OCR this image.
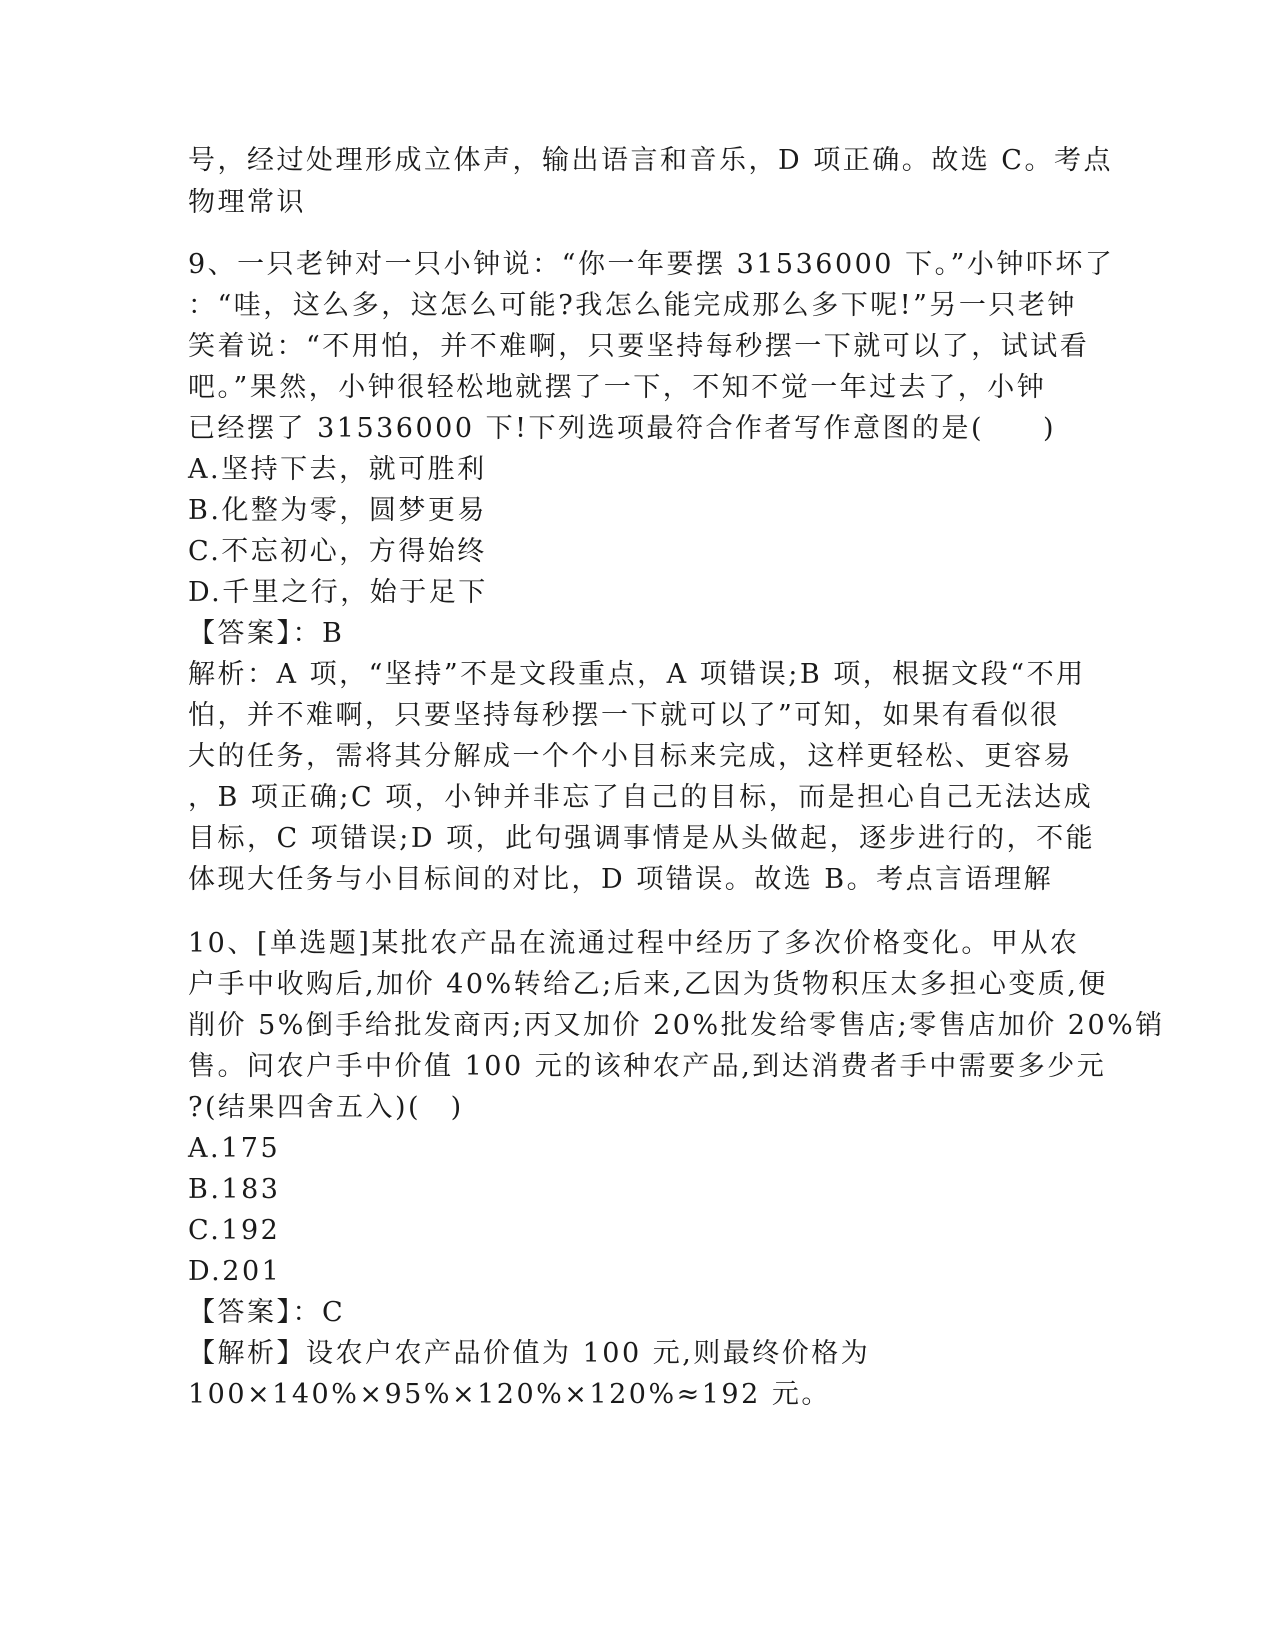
号，经过处理形成立体声，输出语言和音乐，D 项正确。故选 C。考点
物理常识
9、一只老钟对一只小钟说：“你一年要摆 31536000 下。”小钟吓坏了
：“哇，这么多，这怎么可能?我怎么能完成那么多下呢!”另一只老钟
笑着说：“不用怕，并不难啊，只要坚持每秒摆一下就可以了，试试看
吧。”果然，小钟很轻松地就摆了一下，不知不觉一年过去了，小钟
已经摆了 31536000 下!下列选项最符合作者写作意图的是(　　)
A.坚持下去，就可胜利
B.化整为零，圆梦更易
C.不忘初心，方得始终
D.千里之行，始于足下
【答案】：B
解析：A 项，“坚持”不是文段重点，A 项错误;B 项，根据文段“不用
怕，并不难啊，只要坚持每秒摆一下就可以了”可知，如果有看似很
大的任务，需将其分解成一个个小目标来完成，这样更轻松、更容易
，B 项正确;C 项，小钟并非忘了自己的目标，而是担心自己无法达成
目标，C 项错误;D 项，此句强调事情是从头做起，逐步进行的，不能
体现大任务与小目标间的对比，D 项错误。故选 B。考点言语理解
10、[单选题]某批农产品在流通过程中经历了多次价格变化。甲从农
户手中收购后,加价 40%转给乙;后来,乙因为货物积压太多担心变质,便
削价 5%倒手给批发商丙;丙又加价 20%批发给零售店;零售店加价 20%销
售。问农户手中价值 100 元的该种农产品,到达消费者手中需要多少元
?(结果四舍五入)(　)
A.175
B.183
C.192
D.201
【答案】：C
【解析】设农户农产品价值为 100 元,则最终价格为
100×140%×95%×120%×120%≈192 元。
